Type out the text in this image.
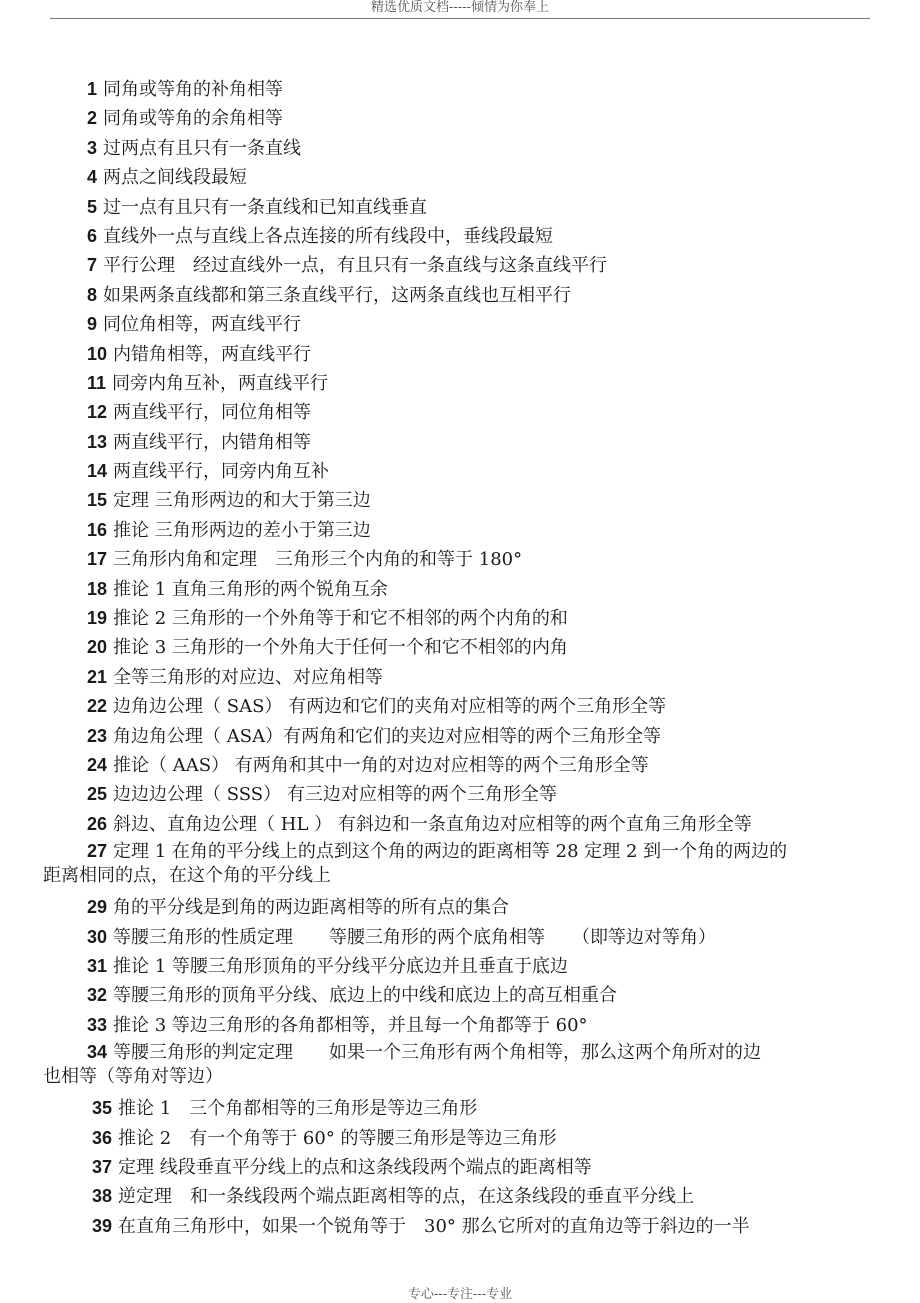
精选优质文档-----倾情为你奉上
1 同角或等角的补角相等
2 同角或等角的余角相等
3 过两点有且只有一条直线
4 两点之间线段最短
5 过一点有且只有一条直线和已知直线垂直
6 直线外一点与直线上各点连接的所有线段中，垂线段最短
7 平行公理　经过直线外一点，有且只有一条直线与这条直线平行
8 如果两条直线都和第三条直线平行，这两条直线也互相平行
9 同位角相等，两直线平行
10 内错角相等，两直线平行
11 同旁内角互补，两直线平行
12 两直线平行，同位角相等
13 两直线平行，内错角相等
14 两直线平行，同旁内角互补
15 定理 三角形两边的和大于第三边
16 推论 三角形两边的差小于第三边
17 三角形内角和定理　三角形三个内角的和等于 180°
18 推论 1 直角三角形的两个锐角互余
19 推论 2 三角形的一个外角等于和它不相邻的两个内角的和
20 推论 3 三角形的一个外角大于任何一个和它不相邻的内角
21 全等三角形的对应边、对应角相等
22 边角边公理（ SAS） 有两边和它们的夹角对应相等的两个三角形全等
23 角边角公理（ ASA）有两角和它们的夹边对应相等的两个三角形全等
24 推论（ AAS） 有两角和其中一角的对边对应相等的两个三角形全等
25 边边边公理（ SSS） 有三边对应相等的两个三角形全等
26 斜边、直角边公理（ HL ） 有斜边和一条直角边对应相等的两个直角三角形全等
27 定理 1 在角的平分线上的点到这个角的两边的距离相等 28 定理 2 到一个角的两边的
距离相同的点，在这个角的平分线上
29 角的平分线是到角的两边距离相等的所有点的集合
30 等腰三角形的性质定理　　等腰三角形的两个底角相等　　（即等边对等角）
31 推论 1 等腰三角形顶角的平分线平分底边并且垂直于底边
32 等腰三角形的顶角平分线、底边上的中线和底边上的高互相重合
33 推论 3 等边三角形的各角都相等，并且每一个角都等于 60°
34 等腰三角形的判定定理　　如果一个三角形有两个角相等，那么这两个角所对的边
也相等（等角对等边）
35 推论 1　三个角都相等的三角形是等边三角形
36 推论 2　有一个角等于 60° 的等腰三角形是等边三角形
37 定理 线段垂直平分线上的点和这条线段两个端点的距离相等
38 逆定理　和一条线段两个端点距离相等的点，在这条线段的垂直平分线上
39 在直角三角形中，如果一个锐角等于　30° 那么它所对的直角边等于斜边的一半
专心---专注---专业
